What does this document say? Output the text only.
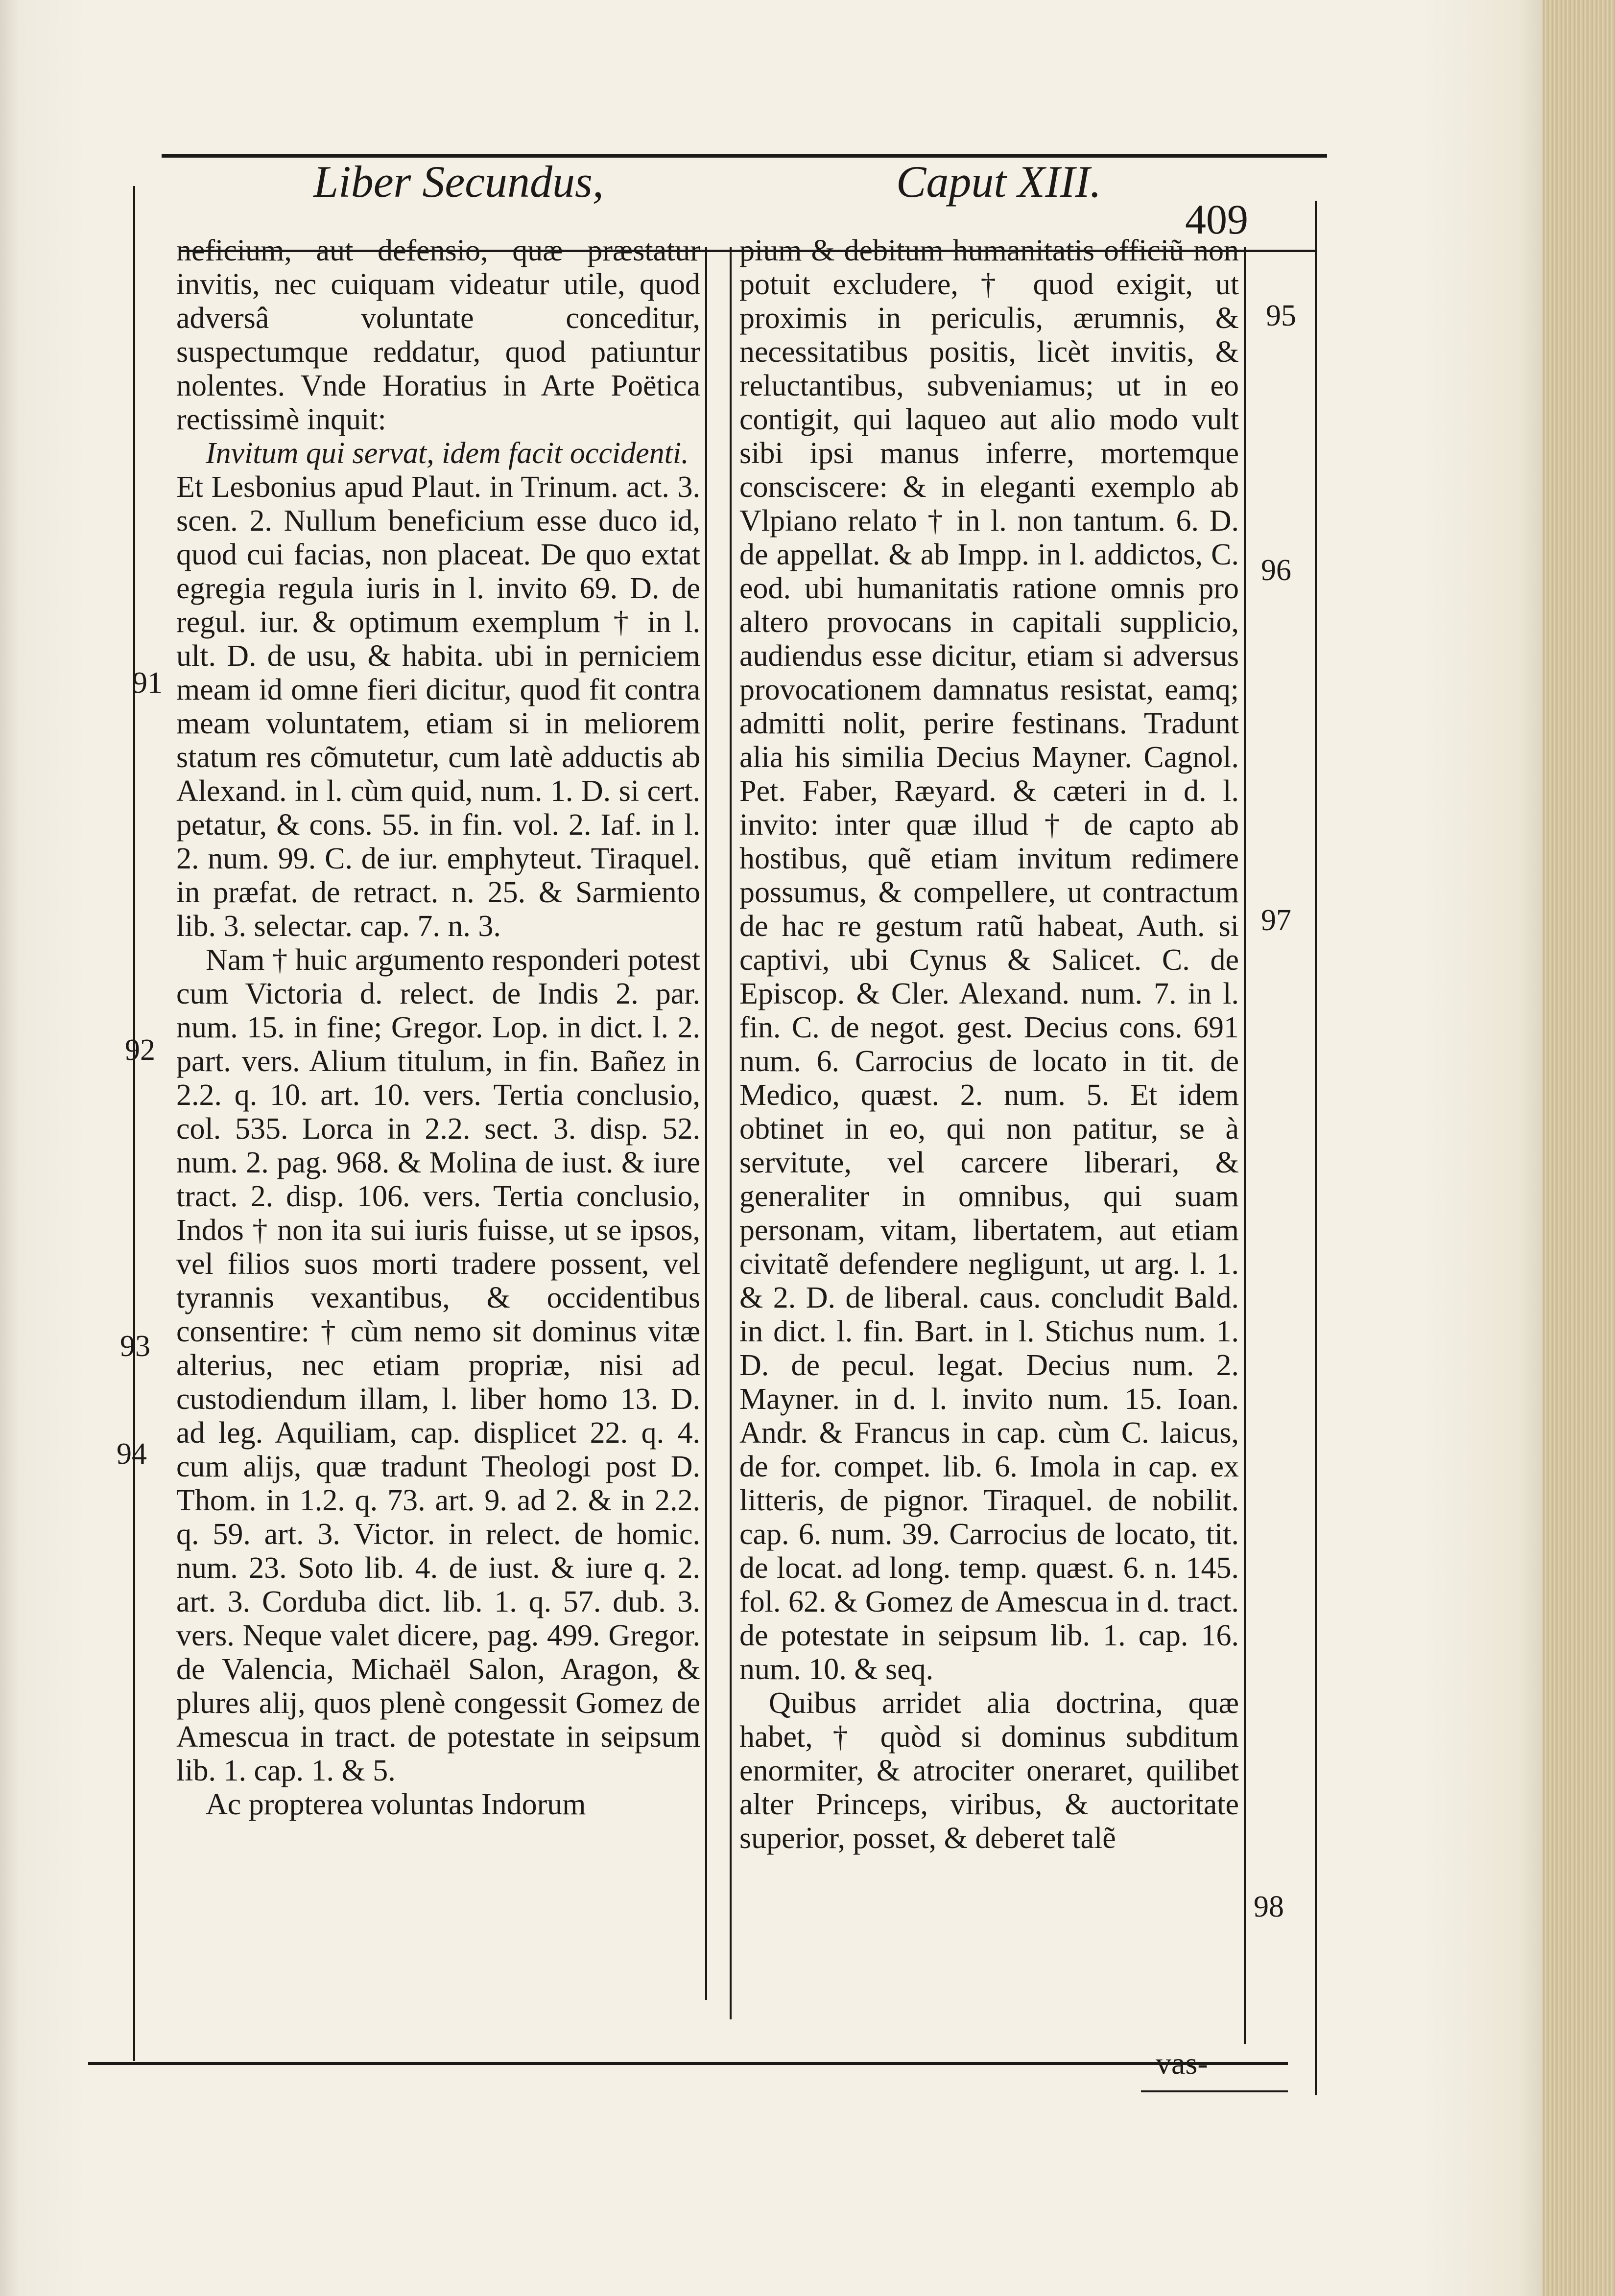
Liber Secundus,	Caput XIII.
409

neficium, aut defensio, quæ præstatur invitis, nec cuiquam videatur utile, quod adversâ voluntate conceditur, suspectumque reddatur, quod patiuntur nolentes. Vnde Horatius in Arte Poëtica rectissimè inquit:

Invitum qui servat, idem facit occidenti.

Et Lesbonius apud Plaut. in Trinum. act. 3. scen. 2. Nullum beneficium esse duco id, quod cui facias, non placeat. De quo extat egregia regula iuris in l. invito 69. D. de regul. iur. & optimum exemplum † in l. ult. D. de usu, & habita. ubi in perniciem meam id omne fieri dicitur, quod fit contra meam voluntatem, etiam si in meliorem statum res cõmutetur, cum latè adductis ab Alexand. in l. cùm quid, num. 1. D. si cert. petatur, & cons. 55. in fin. vol. 2. Iaf. in l. 2. num. 99. C. de iur. emphyteut. Tiraquel. in præfat. de retract. n. 25. & Sarmiento lib. 3. selectar. cap. 7. n. 3.

Nam † huic argumento responderi potest cum Victoria d. relect. de Indis 2. par. num. 15. in fine; Gregor. Lop. in dict. l. 2. part. vers. Alium titulum, in fin. Bañez in 2.2. q. 10. art. 10. vers. Tertia conclusio, col. 535. Lorca in 2.2. sect. 3. disp. 52. num. 2. pag. 968. & Molina de iust. & iure tract. 2. disp. 106. vers. Tertia conclusio, Indos † non ita sui iuris fuisse, ut se ipsos, vel filios suos morti tradere possent, vel tyrannis vexantibus, & occidentibus consentire: † cùm nemo sit dominus vitæ alterius, nec etiam propriæ, nisi ad custodiendum illam, l. liber homo 13. D. ad leg. Aquiliam, cap. displicet 22. q. 4. cum alijs, quæ tradunt Theologi post D. Thom. in 1.2. q. 73. art. 9. ad 2. & in 2.2. q. 59. art. 3. Victor. in relect. de homic. num. 23. Soto lib. 4. de iust. & iure q. 2. art. 3. Corduba dict. lib. 1. q. 57. dub. 3. vers. Neque valet dicere, pag. 499. Gregor. de Valencia, Michaël Salon, Aragon, & plures alij, quos plenè congessit Gomez de Amescua in tract. de potestate in seipsum lib. 1. cap. 1. & 5.

Ac propterea voluntas Indorum

pium & debitum humanitatis officiũ non potuit excludere, † quod exigit, ut proximis in periculis, ærumnis, & necessitatibus positis, licèt invitis, & reluctantibus, subveniamus; ut in eo contigit, qui laqueo aut alio modo vult sibi ipsi manus inferre, mortemque consciscere: & in eleganti exemplo ab Vlpiano relato † in l. non tantum. 6. D. de appellat. & ab Impp. in l. addictos, C. eod. ubi humanitatis ratione omnis pro altero provocans in capitali supplicio, audiendus esse dicitur, etiam si adversus provocationem damnatus resistat, eamq; admitti nolit, perire festinans. Tradunt alia his similia Decius Mayner. Cagnol. Pet. Faber, Ræyard. & cæteri in d. l. invito: inter quæ illud † de capto ab hostibus, quẽ etiam invitum redimere possumus, & compellere, ut contractum de hac re gestum ratũ habeat, Auth. si captivi, ubi Cynus & Salicet. C. de Episcop. & Cler. Alexand. num. 7. in l. fin. C. de negot. gest. Decius cons. 691 num. 6. Carrocius de locato in tit. de Medico, quæst. 2. num. 5. Et idem obtinet in eo, qui non patitur, se à servitute, vel carcere liberari, & generaliter in omnibus, qui suam personam, vitam, libertatem, aut etiam civitatẽ defendere negligunt, ut arg. l. 1. & 2. D. de liberal. caus. concludit Bald. in dict. l. fin. Bart. in l. Stichus num. 1. D. de pecul. legat. Decius num. 2. Mayner. in d. l. invito num. 15. Ioan. Andr. & Francus in cap. cùm C. laicus, de for. compet. lib. 6. Imola in cap. ex litteris, de pignor. Tiraquel. de nobilit. cap. 6. num. 39. Carrocius de locato, tit. de locat. ad long. temp. quæst. 6. n. 145. fol. 62. & Gomez de Amescua in d. tract. de potestate in seipsum lib. 1. cap. 16. num. 10. & seq.

Quibus arridet alia doctrina, quæ habet, † quòd si dominus subditum enormiter, & atrociter oneraret, quilibet alter Princeps, viribus, & auctoritate superior, posset, & deberet talẽ

91
92
93
94
95
96
97
98
vas-
